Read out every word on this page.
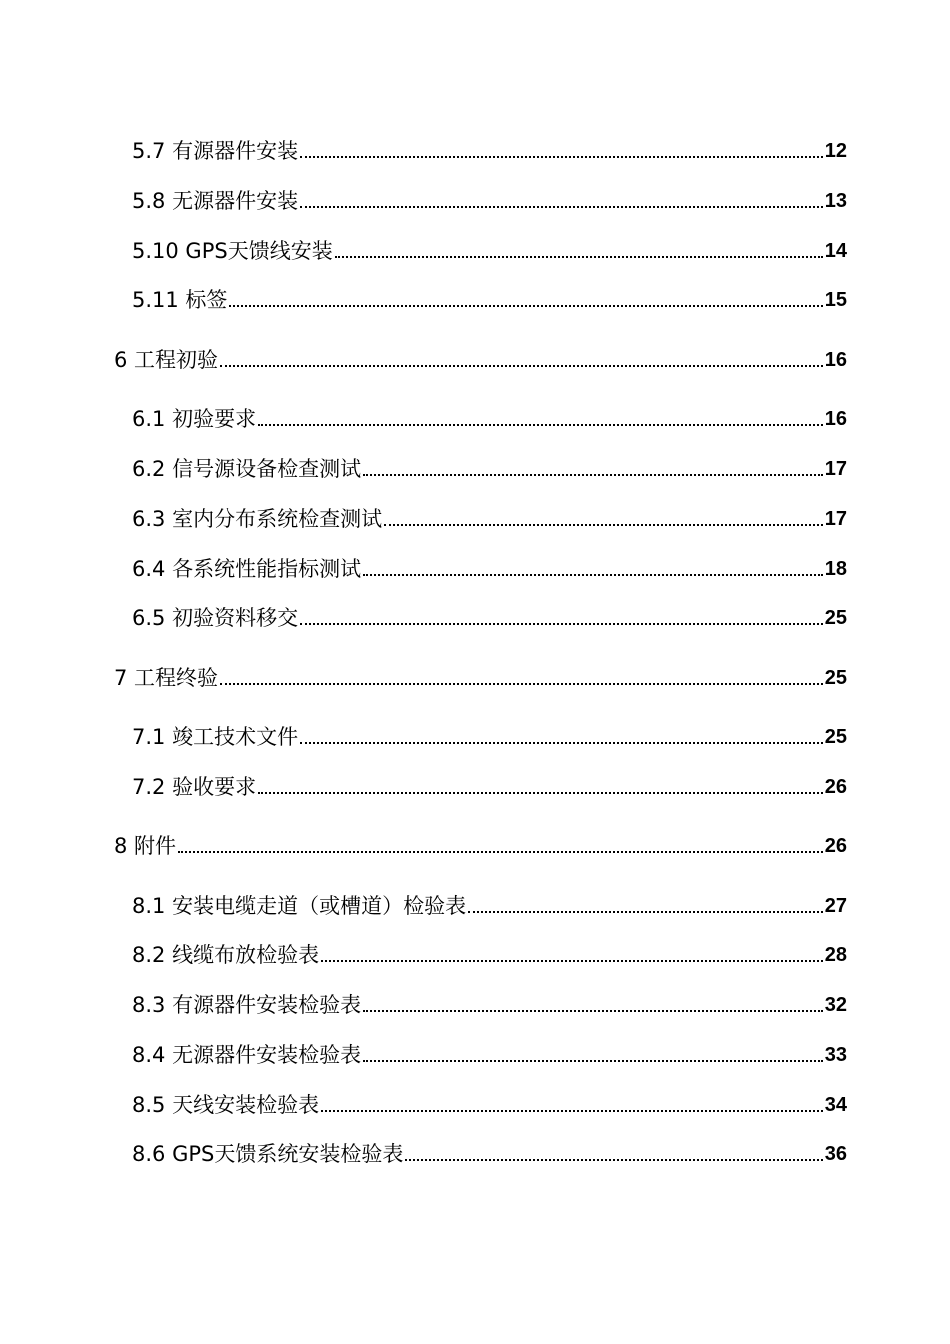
5.7 有源器件安装	12
5.8 无源器件安装	13
5.10 GPS天馈线安装	14
5.11 标签	15
6 工程初验	16
6.1 初验要求	16
6.2 信号源设备检查测试	17
6.3 室内分布系统检查测试	17
6.4 各系统性能指标测试	18
6.5 初验资料移交	25
7 工程终验	25
7.1 竣工技术文件	25
7.2 验收要求	26
8 附件	26
8.1 安装电缆走道（或槽道）检验表	27
8.2 线缆布放检验表	28
8.3 有源器件安装检验表	32
8.4 无源器件安装检验表	33
8.5 天线安装检验表	34
8.6 GPS天馈系统安装检验表	36
